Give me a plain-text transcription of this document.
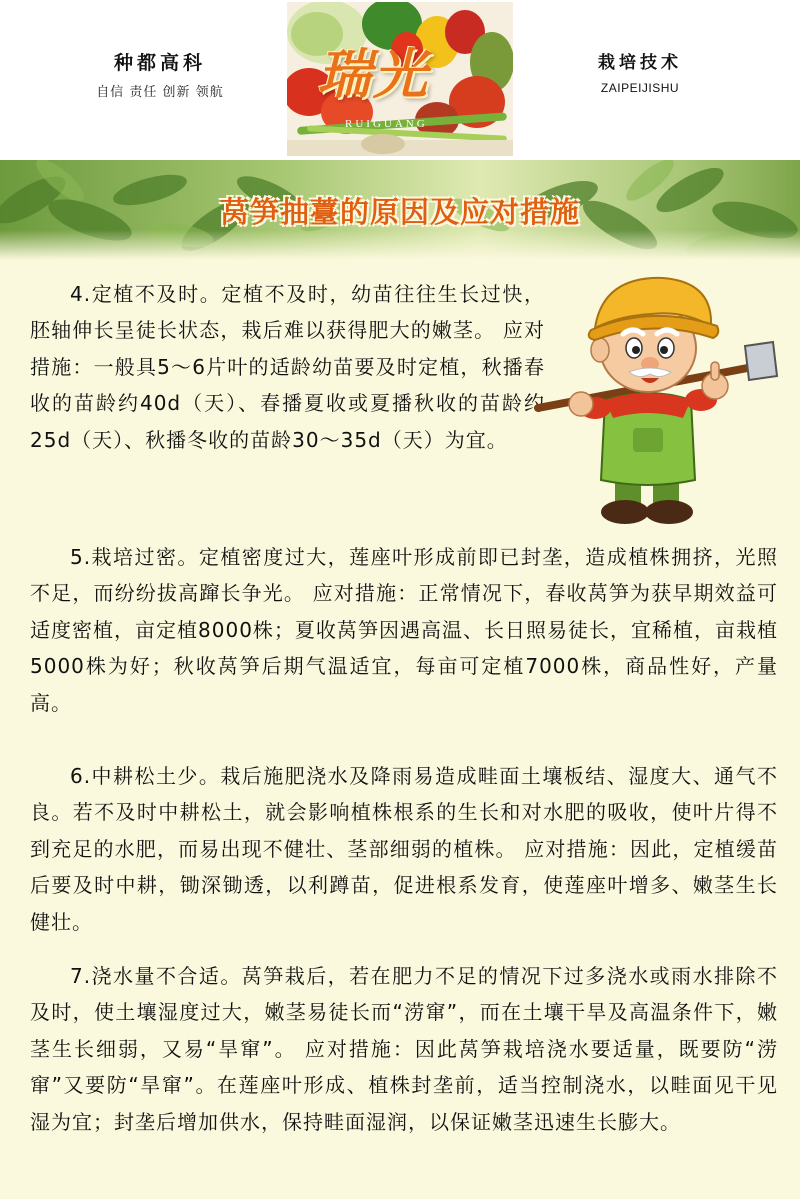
种都高科
自信 责任 创新 领航	瑞光
RUIGUANG
栽培技术
ZAIPEIJISHU
莴笋抽薹的原因及应对措施

4.定植不及时。定植不及时，幼苗往往生长过快，胚轴伸长呈徒长状态，栽后难以获得肥大的嫩茎。 应对措施：一般具5～6片叶的适龄幼苗要及时定植，秋播春收的苗龄约40d（天）、春播夏收或夏播秋收的苗龄约25d（天）、秋播冬收的苗龄30～35d（天）为宜。

5.栽培过密。定植密度过大，莲座叶形成前即已封垄，造成植株拥挤，光照不足，而纷纷拔高蹿长争光。 应对措施：正常情况下，春收莴笋为获早期效益可适度密植，亩定植8000株；夏收莴笋因遇高温、长日照易徒长，宜稀植，亩栽植5000株为好；秋收莴笋后期气温适宜，每亩可定植7000株，商品性好，产量高。

6.中耕松土少。栽后施肥浇水及降雨易造成畦面土壤板结、湿度大、通气不良。若不及时中耕松土，就会影响植株根系的生长和对水肥的吸收，使叶片得不到充足的水肥，而易出现不健壮、茎部细弱的植株。 应对措施：因此，定植缓苗后要及时中耕，锄深锄透，以利蹲苗，促进根系发育，使莲座叶增多、嫩茎生长健壮。

7.浇水量不合适。莴笋栽后，若在肥力不足的情况下过多浇水或雨水排除不及时，使土壤湿度过大，嫩茎易徒长而“涝窜”，而在土壤干旱及高温条件下，嫩茎生长细弱，又易“旱窜”。 应对措施：因此莴笋栽培浇水要适量，既要防“涝窜”又要防“旱窜”。在莲座叶形成、植株封垄前，适当控制浇水，以畦面见干见湿为宜；封垄后增加供水，保持畦面湿润，以保证嫩茎迅速生长膨大。
